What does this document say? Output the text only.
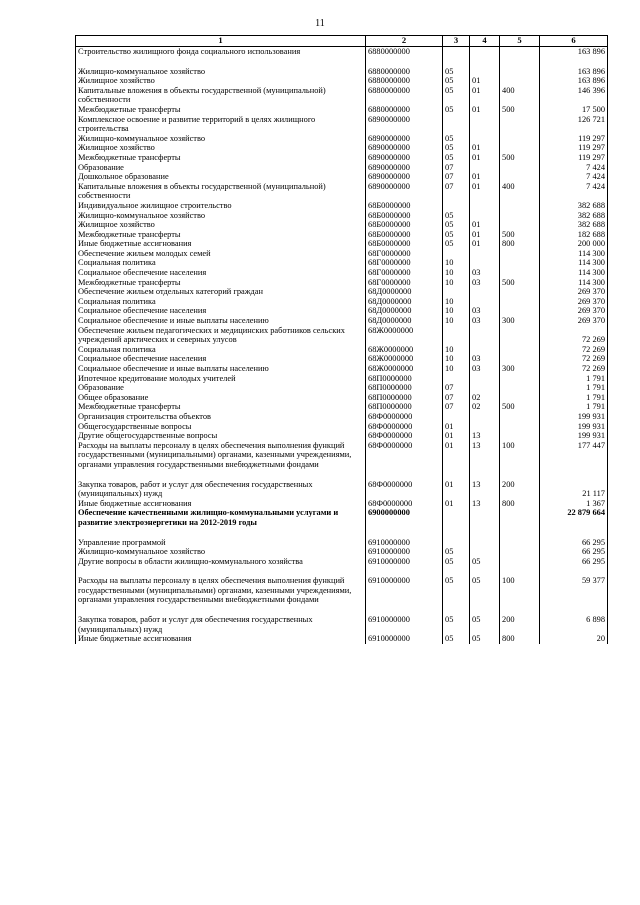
11
1	2	3	4	5	6
Строительство жилищного фонда социального использования	6880000000				163 896

Жилищно-коммунальное хозяйство	6880000000	05			163 896
Жилищное хозяйство	6880000000	05	01		163 896
Капитальные вложения в объекты государственной (муниципальной) собственности	6880000000	05	01	400	146 396
Межбюджетные трансферты	6880000000	05	01	500	17 500
Комплексное освоение и развитие территорий в целях жилищного строительства	6890000000				126 721
Жилищно-коммунальное хозяйство	6890000000	05			119 297
Жилищное хозяйство	6890000000	05	01		119 297
Межбюджетные трансферты	6890000000	05	01	500	119 297
Образование	6890000000	07			7 424
Дошкольное образование	6890000000	07	01		7 424
Капитальные вложения в объекты государственной (муниципальной) собственности	6890000000	07	01	400	7 424
Индивидуальное жилищное строительство	68Б0000000				382 688
Жилищно-коммунальное хозяйство	68Б0000000	05			382 688
Жилищное хозяйство	68Б0000000	05	01		382 688
Межбюджетные трансферты	68Б0000000	05	01	500	182 688
Иные бюджетные ассигнования	68Б0000000	05	01	800	200 000
Обеспечение жильем молодых семей	68Г0000000				114 300
Социальная политика	68Г0000000	10			114 300
Социальное обеспечение населения	68Г0000000	10	03		114 300
Межбюджетные трансферты	68Г0000000	10	03	500	114 300
Обеспечение жильем отдельных категорий граждан	68Д0000000				269 370
Социальная политика	68Д0000000	10			269 370
Социальное обеспечение населения	68Д0000000	10	03		269 370
Социальное обеспечение и иные выплаты населению	68Д0000000	10	03	300	269 370
Обеспечение жильем педагогических и медицинских работников сельских учреждений арктических и северных улусов	68Ж0000000				72 269
Социальная политика	68Ж0000000	10			72 269
Социальное обеспечение населения	68Ж0000000	10	03		72 269
Социальное обеспечение и иные выплаты населению	68Ж0000000	10	03	300	72 269
Ипотечное кредитование молодых учителей	68П0000000				1 791
Образование	68П0000000	07			1 791
Общее образование	68П0000000	07	02		1 791
Межбюджетные трансферты	68П0000000	07	02	500	1 791
Организация строительства объектов	68Ф0000000				199 931
Общегосударственные вопросы	68Ф0000000	01			199 931
Другие общегосударственные вопросы	68Ф0000000	01	13		199 931
Расходы на выплаты персоналу в целях обеспечения выполнения функций государственными (муниципальными) органами, казенными учреждениями, органами управления государственными внебюджетными фондами	68Ф0000000	01	13	100	177 447

Закупка товаров, работ и услуг для обеспечения государственных (муниципальных) нужд	68Ф0000000	01	13	200	21 117
Иные бюджетные ассигнования	68Ф0000000	01	13	800	1 367
Обеспечение качественными жилищно-коммунальными услугами и развитие электроэнергетики на 2012-2019 годы	6900000000				22 879 664

Управление программой	6910000000				66 295
Жилищно-коммунальное хозяйство	6910000000	05			66 295
Другие вопросы в области жилищно-коммунального хозяйства	6910000000	05	05		66 295

Расходы на выплаты персоналу в целях обеспечения выполнения функций государственными (муниципальными) органами, казенными учреждениями, органами управления государственными внебюджетными фондами	6910000000	05	05	100	59 377

Закупка товаров, работ и услуг для обеспечения государственных (муниципальных) нужд	6910000000	05	05	200	6 898
Иные бюджетные ассигнования	6910000000	05	05	800	20
